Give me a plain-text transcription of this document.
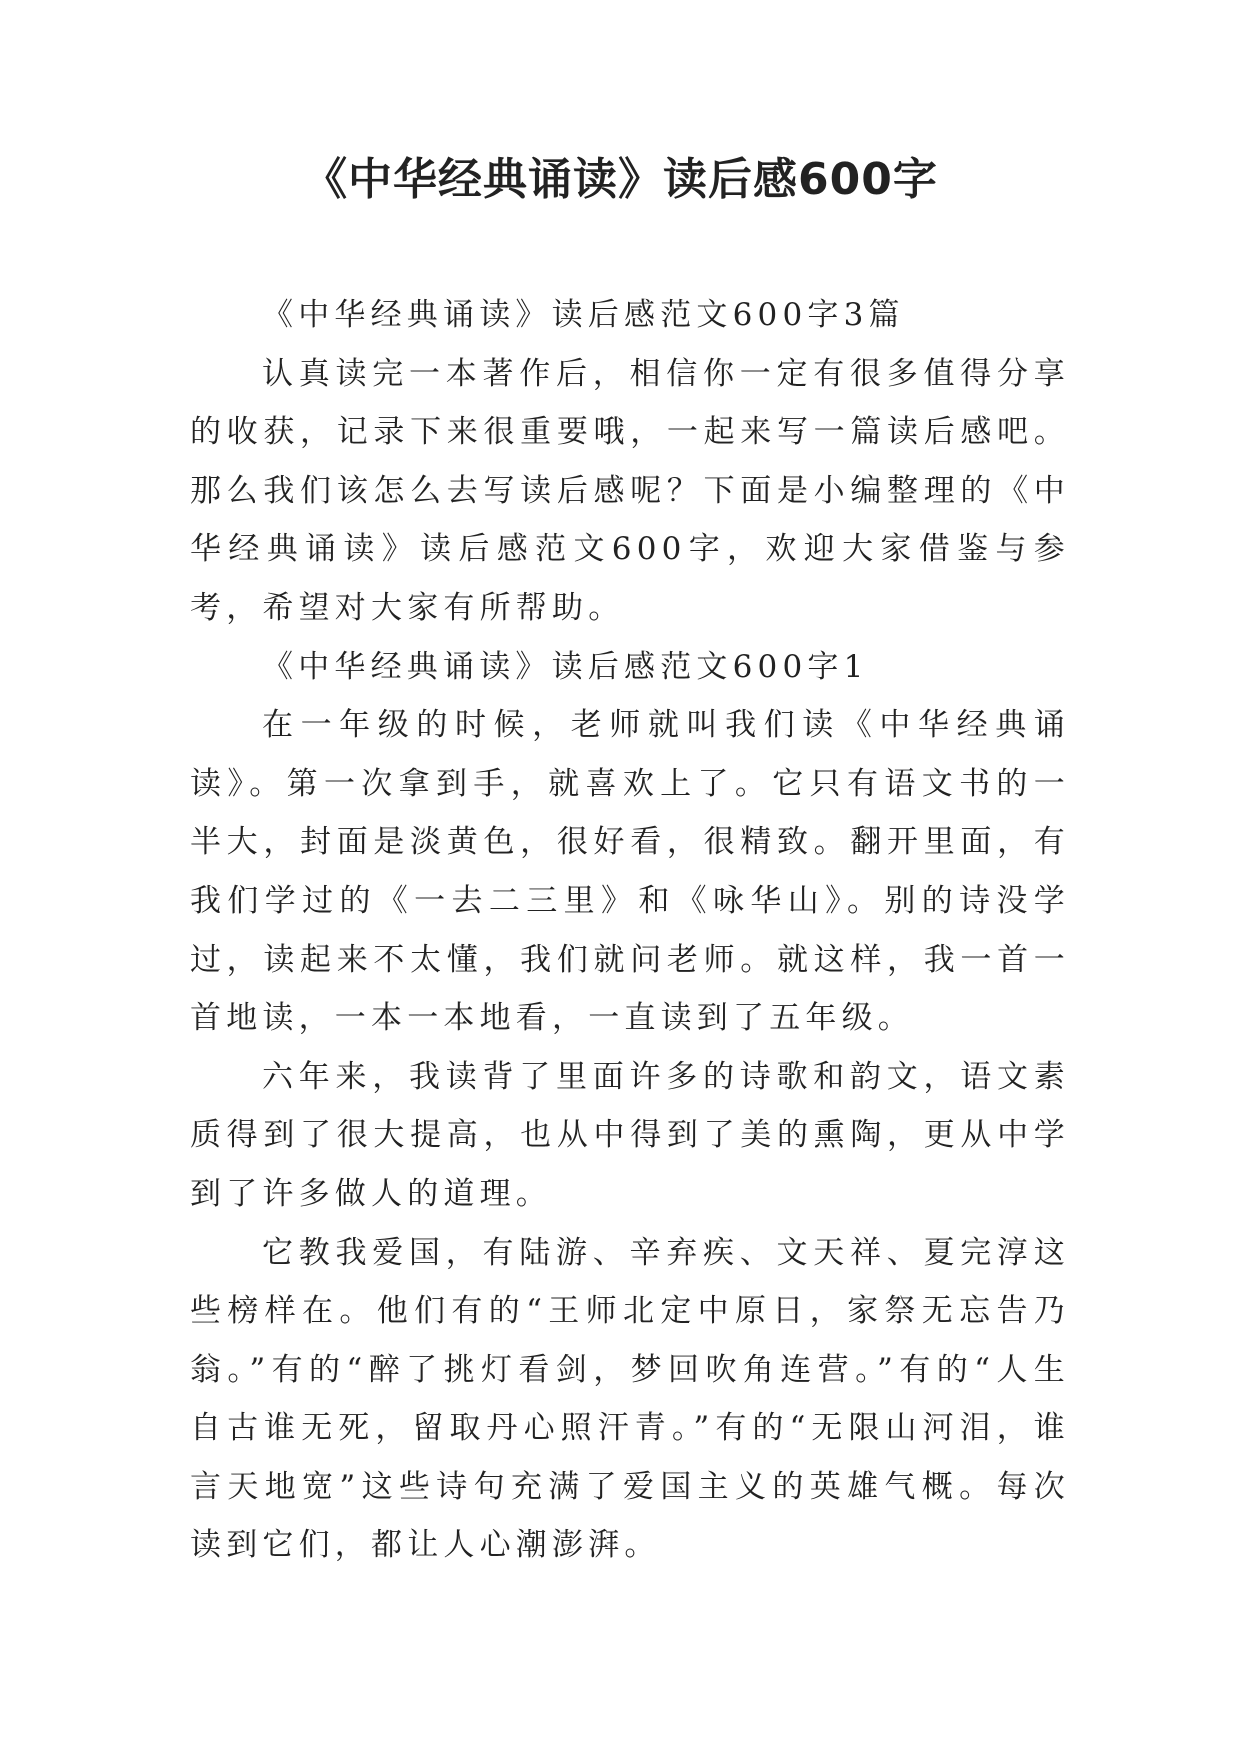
《中华经典诵读》读后感600字

《中华经典诵读》读后感范文600字3篇

认真读完一本著作后，相信你一定有很多值得分享的收获，记录下来很重要哦，一起来写一篇读后感吧。那么我们该怎么去写读后感呢？下面是小编整理的《中华经典诵读》读后感范文600字，欢迎大家借鉴与参考，希望对大家有所帮助。

《中华经典诵读》读后感范文600字1

在一年级的时候，老师就叫我们读《中华经典诵读》。第一次拿到手，就喜欢上了。它只有语文书的一半大，封面是淡黄色，很好看，很精致。翻开里面，有我们学过的《一去二三里》和《咏华山》。别的诗没学过，读起来不太懂，我们就问老师。就这样，我一首一首地读，一本一本地看，一直读到了五年级。

六年来，我读背了里面许多的诗歌和韵文，语文素质得到了很大提高，也从中得到了美的熏陶，更从中学到了许多做人的道理。

它教我爱国，有陆游、辛弃疾、文天祥、夏完淳这些榜样在。他们有的“王师北定中原日，家祭无忘告乃翁。”有的“醉了挑灯看剑，梦回吹角连营。”有的“人生自古谁无死，留取丹心照汗青。”有的“无限山河泪，谁言天地宽”这些诗句充满了爱国主义的英雄气概。每次读到它们，都让人心潮澎湃。
